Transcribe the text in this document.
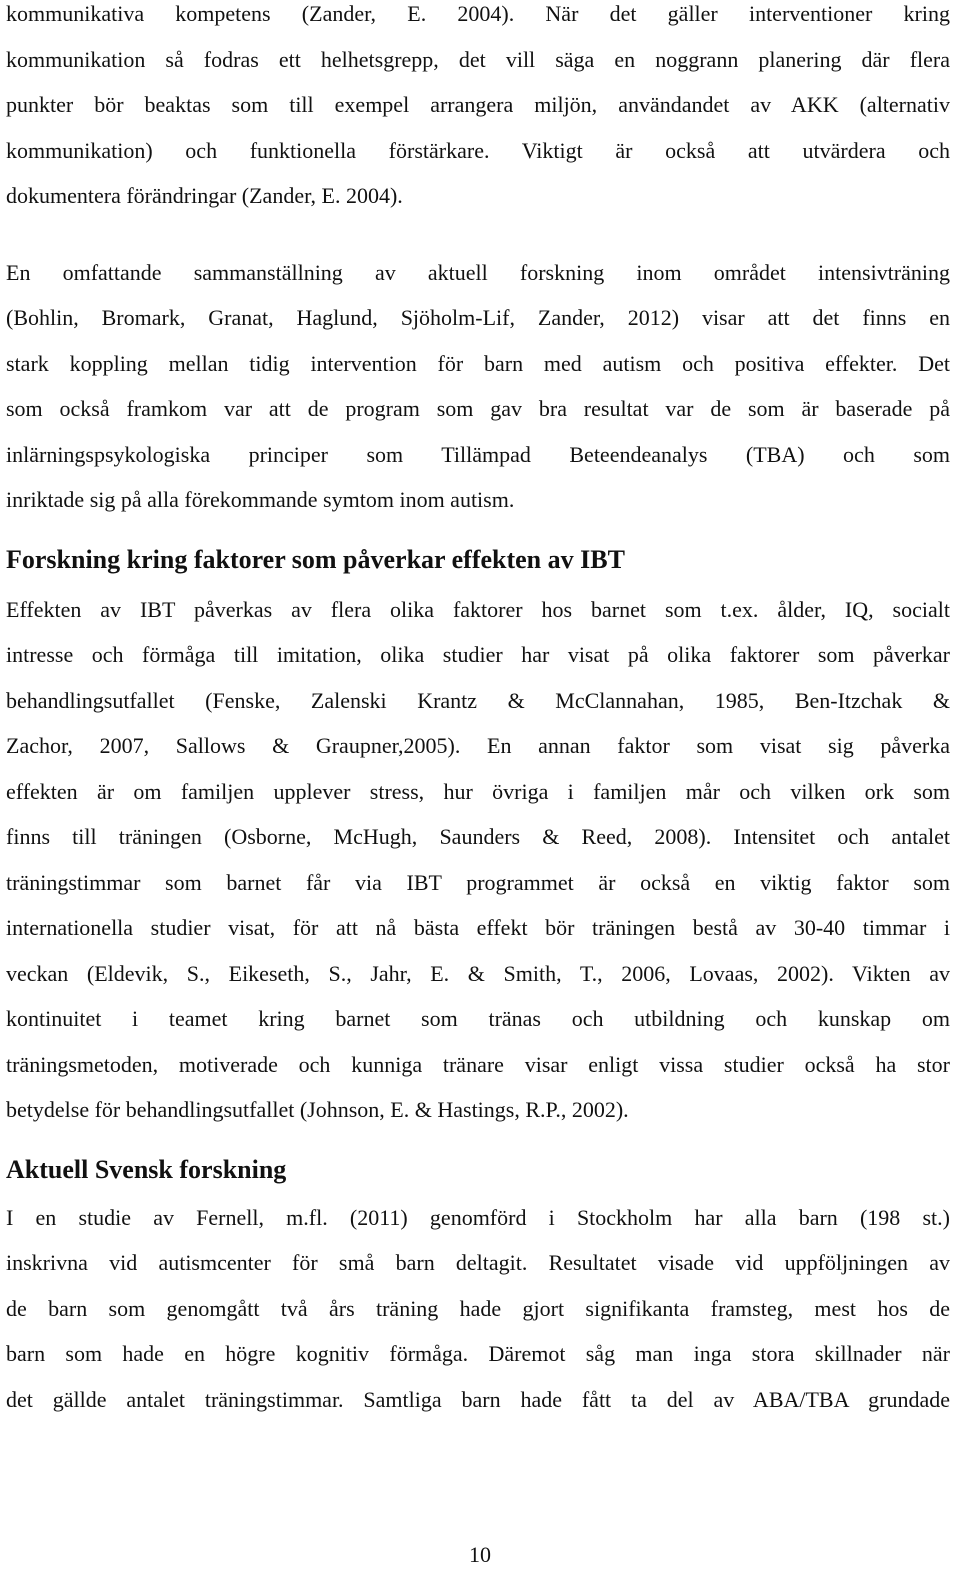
kommunikativa kompetens (Zander, E. 2004). När det gäller interventioner kring
kommunikation så fodras ett helhetsgrepp, det vill säga en noggrann planering där flera
punkter bör beaktas som till exempel arrangera miljön, användandet av AKK (alternativ
kommunikation) och funktionella förstärkare. Viktigt är också att utvärdera och
dokumentera förändringar (Zander, E. 2004).
En omfattande sammanställning av aktuell forskning inom området intensivträning
(Bohlin, Bromark, Granat, Haglund, Sjöholm-Lif, Zander, 2012) visar att det finns en
stark koppling mellan tidig intervention för barn med autism och positiva effekter. Det
som också framkom var att de program som gav bra resultat var de som är baserade på
inlärningspsykologiska principer som Tillämpad Beteendeanalys (TBA) och som
inriktade sig på alla förekommande symtom inom autism.
Forskning kring faktorer som påverkar effekten av IBT
Effekten av IBT påverkas av flera olika faktorer hos barnet som t.ex. ålder, IQ, socialt
intresse och förmåga till imitation, olika studier har visat på olika faktorer som påverkar
behandlingsutfallet (Fenske, Zalenski Krantz & McClannahan, 1985, Ben-Itzchak &
Zachor, 2007, Sallows & Graupner,2005). En annan faktor som visat sig påverka
effekten är om familjen upplever stress, hur övriga i familjen mår och vilken ork som
finns till träningen (Osborne, McHugh, Saunders & Reed, 2008). Intensitet och antalet
träningstimmar som barnet får via IBT programmet är också en viktig faktor som
internationella studier visat, för att nå bästa effekt bör träningen bestå av 30-40 timmar i
veckan (Eldevik, S., Eikeseth, S., Jahr, E. & Smith, T., 2006, Lovaas, 2002). Vikten av
kontinuitet i teamet kring barnet som tränas och utbildning och kunskap om
träningsmetoden, motiverade och kunniga tränare visar enligt vissa studier också ha stor
betydelse för behandlingsutfallet (Johnson, E. & Hastings, R.P., 2002).
Aktuell Svensk forskning
I en studie av Fernell, m.fl. (2011) genomförd i Stockholm har alla barn (198 st.)
inskrivna vid autismcenter för små barn deltagit. Resultatet visade vid uppföljningen av
de barn som genomgått två års träning hade gjort signifikanta framsteg, mest hos de
barn som hade en högre kognitiv förmåga. Däremot såg man inga stora skillnader när
det gällde antalet träningstimmar. Samtliga barn hade fått ta del av ABA/TBA grundade
10
